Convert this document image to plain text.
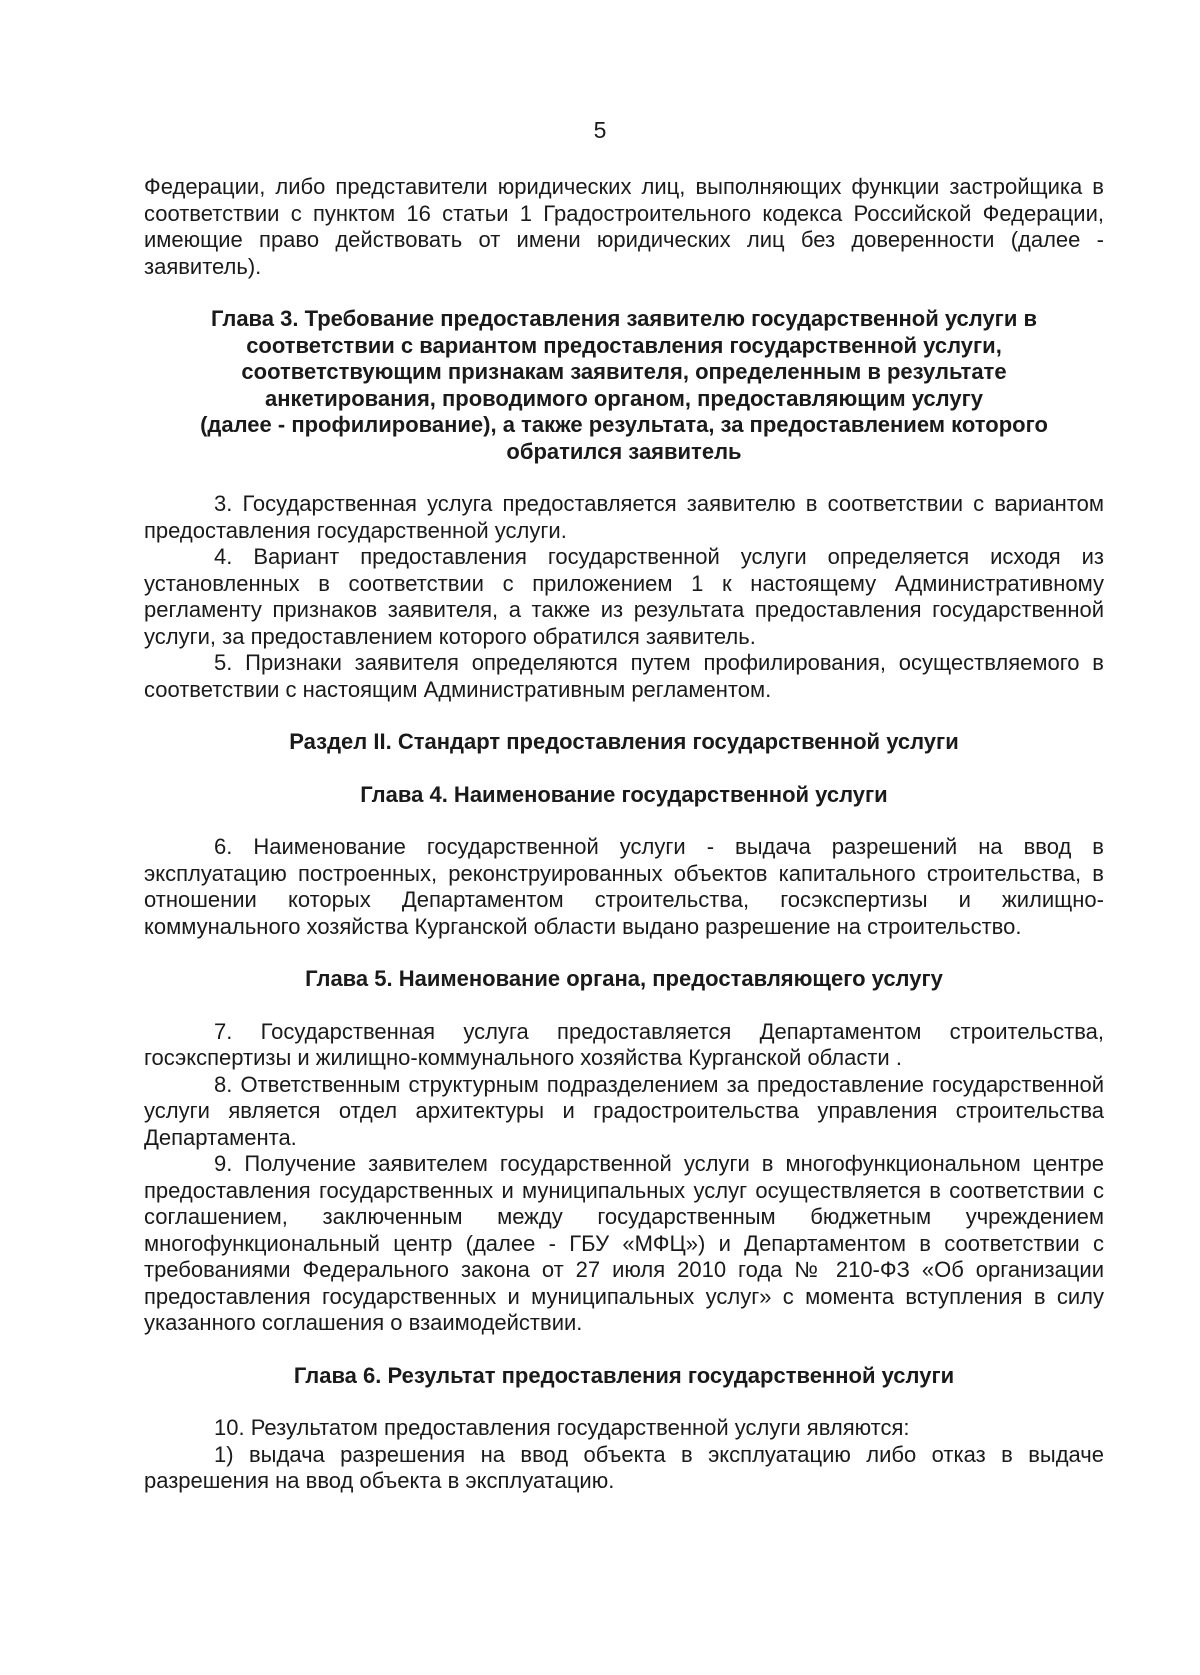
5

Федерации, либо представители юридических лиц, выполняющих функции застройщика в соответствии с пунктом 16 статьи 1 Градостроительного кодекса Российской Федерации, имеющие право действовать от имени юридических лиц без доверенности (далее - заявитель).

Глава 3. Требование предоставления заявителю государственной услуги в
соответствии с вариантом предоставления государственной услуги,
соответствующим признакам заявителя, определенным в результате
анкетирования, проводимого органом, предоставляющим услугу
(далее - профилирование), а также результата, за предоставлением которого
обратился заявитель

3. Государственная услуга предоставляется заявителю в соответствии с вариантом предоставления государственной услуги.

4. Вариант предоставления государственной услуги определяется исходя из установленных в соответствии с приложением 1 к настоящему Административному регламенту признаков заявителя, а также из результата предоставления государственной услуги, за предоставлением которого обратился заявитель.

5. Признаки заявителя определяются путем профилирования, осуществляемого в соответствии с настоящим Административным регламентом.

Раздел II. Стандарт предоставления государственной услуги
Глава 4. Наименование государственной услуги

6. Наименование государственной услуги - выдача разрешений на ввод в эксплуатацию построенных, реконструированных объектов капитального строительства, в отношении которых Департаментом строительства, госэкспертизы и жилищно-коммунального хозяйства Курганской области выдано разрешение на строительство.

Глава 5. Наименование органа, предоставляющего услугу

7. Государственная услуга предоставляется Департаментом строительства, госэкспертизы и жилищно-коммунального хозяйства Курганской области .

8. Ответственным структурным подразделением за предоставление государственной услуги является отдел архитектуры и градостроительства управления строительства Департамента.

9. Получение заявителем государственной услуги в многофункциональном центре предоставления государственных и муниципальных услуг осуществляется в соответствии с соглашением, заключенным между государственным бюджетным учреждением многофункциональный центр (далее - ГБУ «МФЦ») и Департаментом в соответствии с требованиями Федерального закона от 27 июля 2010 года № 210-ФЗ «Об организации предоставления государственных и муниципальных услуг» с момента вступления в силу указанного соглашения о взаимодействии.

Глава 6. Результат предоставления государственной услуги

10. Результатом предоставления государственной услуги являются:

1) выдача разрешения на ввод объекта в эксплуатацию либо отказ в выдаче разрешения на ввод объекта в эксплуатацию.
